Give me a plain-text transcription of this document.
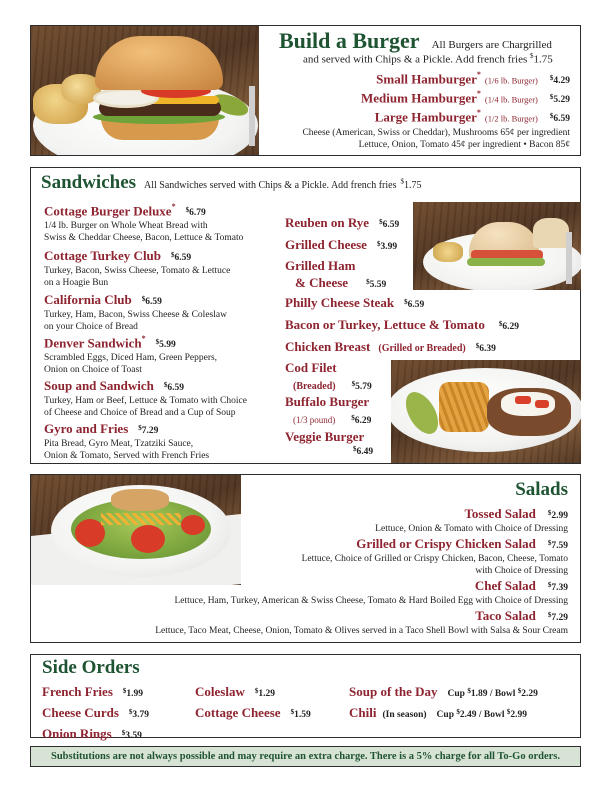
Build a Burger All Burgers are Chargrilled
and served with Chips & a Pickle. Add french fries $1.75
Small Hamburger* (1/6 lb. Burger) $4.29
Medium Hamburger* (1/4 lb. Burger) $5.29
Large Hamburger* (1/2 lb. Burger) $6.59
Cheese (American, Swiss or Cheddar), Mushrooms 65¢ per ingredient
Lettuce, Onion, Tomato 45¢ per ingredient • Bacon 85¢
Sandwiches All Sandwiches served with Chips & a Pickle. Add french fries $1.75
Cottage Burger Deluxe* $6.79
1/4 lb. Burger on Whole Wheat Bread with
Swiss & Cheddar Cheese, Bacon, Lettuce & Tomato
Cottage Turkey Club $6.59
Turkey, Bacon, Swiss Cheese, Tomato & Lettuce
on a Hoagie Bun
California Club $6.59
Turkey, Ham, Bacon, Swiss Cheese & Coleslaw
on your Choice of Bread
Denver Sandwich* $5.99
Scrambled Eggs, Diced Ham, Green Peppers,
Onion on Choice of Toast
Soup and Sandwich $6.59
Turkey, Ham or Beef, Lettuce & Tomato with Choice
of Cheese and Choice of Bread and a Cup of Soup
Gyro and Fries $7.29
Pita Bread, Gyro Meat, Tzatziki Sauce,
Onion & Tomato, Served with French Fries
Reuben on Rye $6.59
Grilled Cheese $3.99
Grilled Ham
& Cheese	$5.59
Philly Cheese Steak $6.59
Bacon or Turkey, Lettuce & Tomato $6.29
Chicken Breast (Grilled or Breaded) $6.39
Cod Filet
(Breaded) $5.79
Buffalo Burger
(1/3 pound) $6.29
Veggie Burger
$6.49
Salads
Tossed Salad $2.99
Lettuce, Onion & Tomato with Choice of Dressing
Grilled or Crispy Chicken Salad $7.59
Lettuce, Choice of Grilled or Crispy Chicken, Bacon, Cheese, Tomato
with Choice of Dressing
Chef Salad $7.39
Lettuce, Ham, Turkey, American & Swiss Cheese, Tomato & Hard Boiled Egg with Choice of Dressing
Taco Salad $7.29
Lettuce, Taco Meat, Cheese, Onion, Tomato & Olives served in a Taco Shell Bowl with Salsa & Sour Cream
Side Orders
French Fries $1.99
Cheese Curds $3.79
Onion Rings $3.59
Coleslaw $1.29
Cottage Cheese $1.59
Soup of the Day Cup $1.89 / Bowl $2.29
Chili (In season) Cup $2.49 / Bowl $2.99
Substitutions are not always possible and may require an extra charge. There is a 5% charge for all To-Go orders.
